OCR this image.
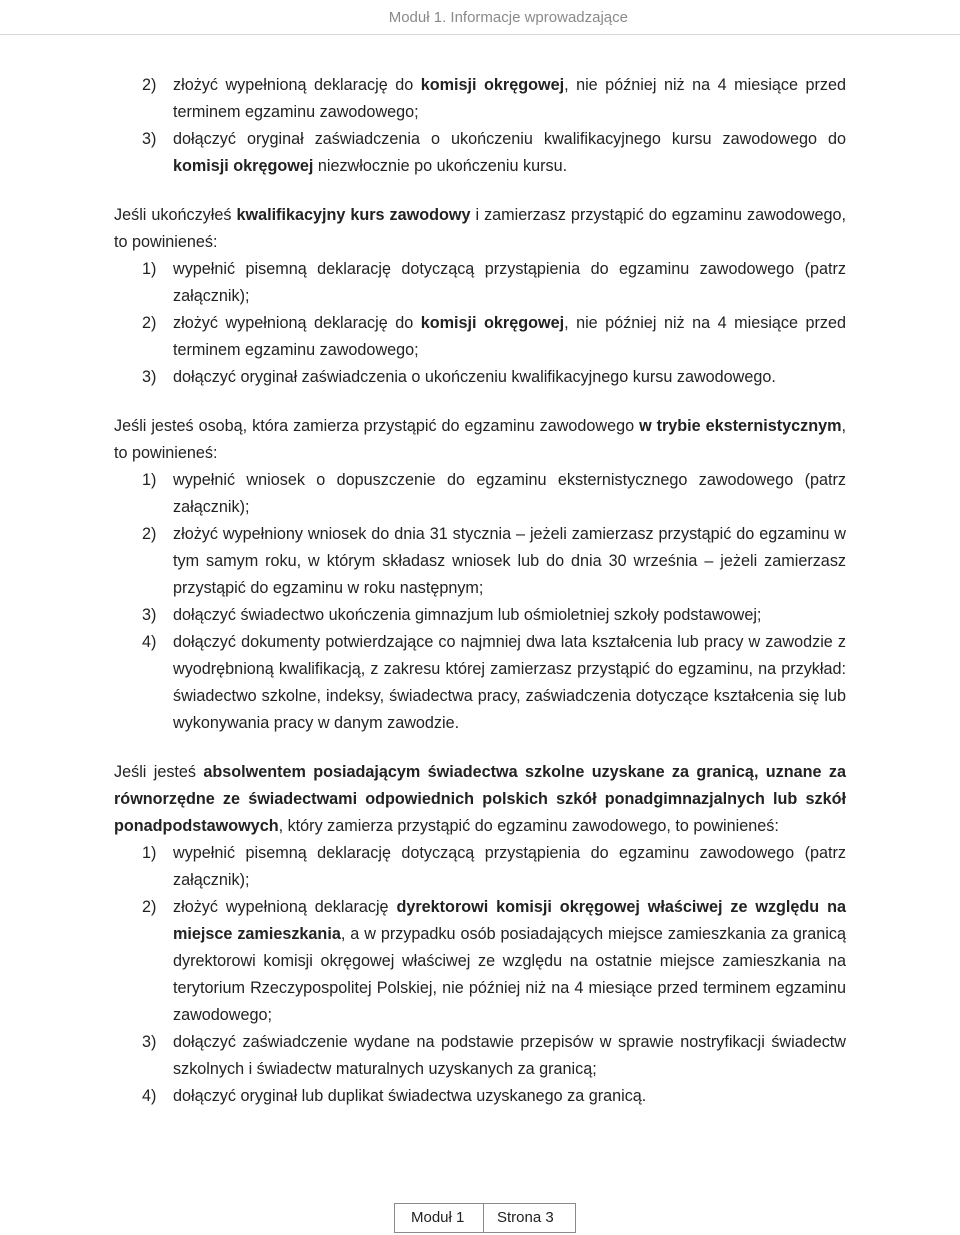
Moduł 1. Informacje wprowadzające
2) złożyć wypełnioną deklarację do komisji okręgowej, nie później niż na 4 miesiące przed terminem egzaminu zawodowego;
3) dołączyć oryginał zaświadczenia o ukończeniu kwalifikacyjnego kursu zawodowego do komisji okręgowej niezwłocznie po ukończeniu kursu.

Jeśli ukończyłeś kwalifikacyjny kurs zawodowy i zamierzasz przystąpić do egzaminu zawodowego, to powinieneś:

1) wypełnić pisemną deklarację dotyczącą przystąpienia do egzaminu zawodowego (patrz załącznik);
2) złożyć wypełnioną deklarację do komisji okręgowej, nie później niż na 4 miesiące przed terminem egzaminu zawodowego;
3) dołączyć oryginał zaświadczenia o ukończeniu kwalifikacyjnego kursu zawodowego.

Jeśli jesteś osobą, która zamierza przystąpić do egzaminu zawodowego w trybie eksternistycznym, to powinieneś:

1) wypełnić wniosek o dopuszczenie do egzaminu eksternistycznego zawodowego (patrz załącznik);
2) złożyć wypełniony wniosek do dnia 31 stycznia – jeżeli zamierzasz przystąpić do egzaminu w tym samym roku, w którym składasz wniosek lub do dnia 30 września – jeżeli zamierzasz przystąpić do egzaminu w roku następnym;
3) dołączyć świadectwo ukończenia gimnazjum lub ośmioletniej szkoły podstawowej;
4) dołączyć dokumenty potwierdzające co najmniej dwa lata kształcenia lub pracy w zawodzie z wyodrębnioną kwalifikacją, z zakresu której zamierzasz przystąpić do egzaminu, na przykład: świadectwo szkolne, indeksy, świadectwa pracy, zaświadczenia dotyczące kształcenia się lub wykonywania pracy w danym zawodzie.

Jeśli jesteś absolwentem posiadającym świadectwa szkolne uzyskane za granicą, uznane za równorzędne ze świadectwami odpowiednich polskich szkół ponadgimnazjalnych lub szkół ponadpodstawowych, który zamierza przystąpić do egzaminu zawodowego, to powinieneś:

1) wypełnić pisemną deklarację dotyczącą przystąpienia do egzaminu zawodowego (patrz załącznik);
2) złożyć wypełnioną deklarację dyrektorowi komisji okręgowej właściwej ze względu na miejsce zamieszkania, a w przypadku osób posiadających miejsce zamieszkania za granicą dyrektorowi komisji okręgowej właściwej ze względu na ostatnie miejsce zamieszkania na terytorium Rzeczypospolitej Polskiej, nie później niż na 4 miesiące przed terminem egzaminu zawodowego;
3) dołączyć zaświadczenie wydane na podstawie przepisów w sprawie nostryfikacji świadectw szkolnych i świadectw maturalnych uzyskanych za granicą;
4) dołączyć oryginał lub duplikat świadectwa uzyskanego za granicą.
Moduł 1 Strona 3
